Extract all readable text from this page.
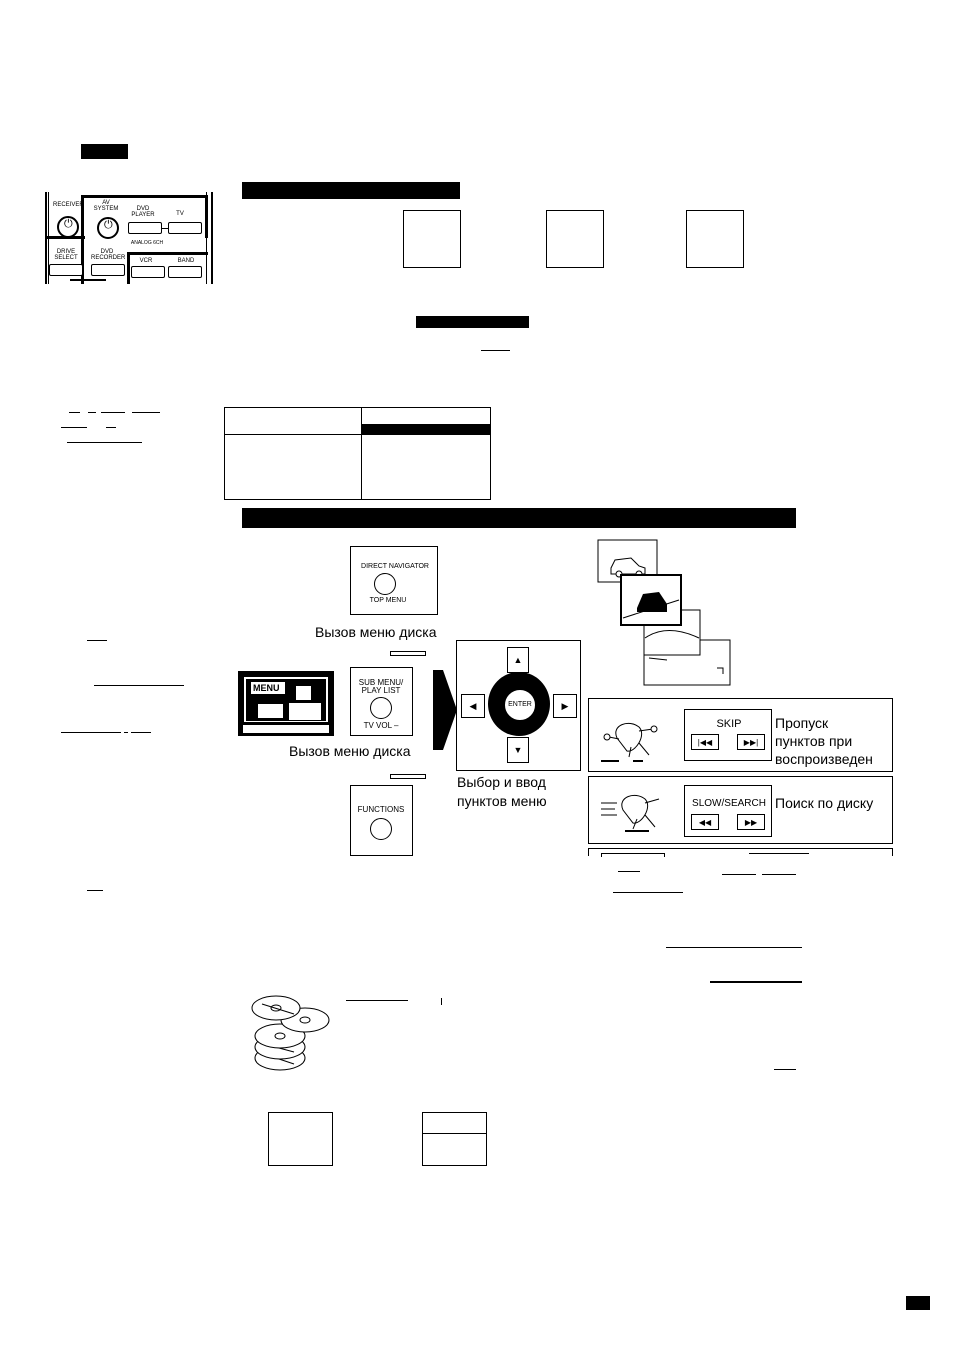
RECEIVER
⏻
AV SYSTEM
⏻
DVD PLAYER	TV
ANALOG 6CH
DRIVE SELECT
DVD RECORDER	VCR	BAND
DIRECT NAVIGATOR
TOP MENU
Вызов меню диска
MENU
SUB MENU/
PLAY LIST
TV VOL –
Вызов меню диска
FUNCTIONS
▲
◀	▶
▼
ENTER
Выбор и ввод
пунктов меню
SKIP
|◀◀	▶▶|
Пропуск
пунктов при
воспроизведен
SLOW/SEARCH
◀◀	▶▶
Поиск по диску
